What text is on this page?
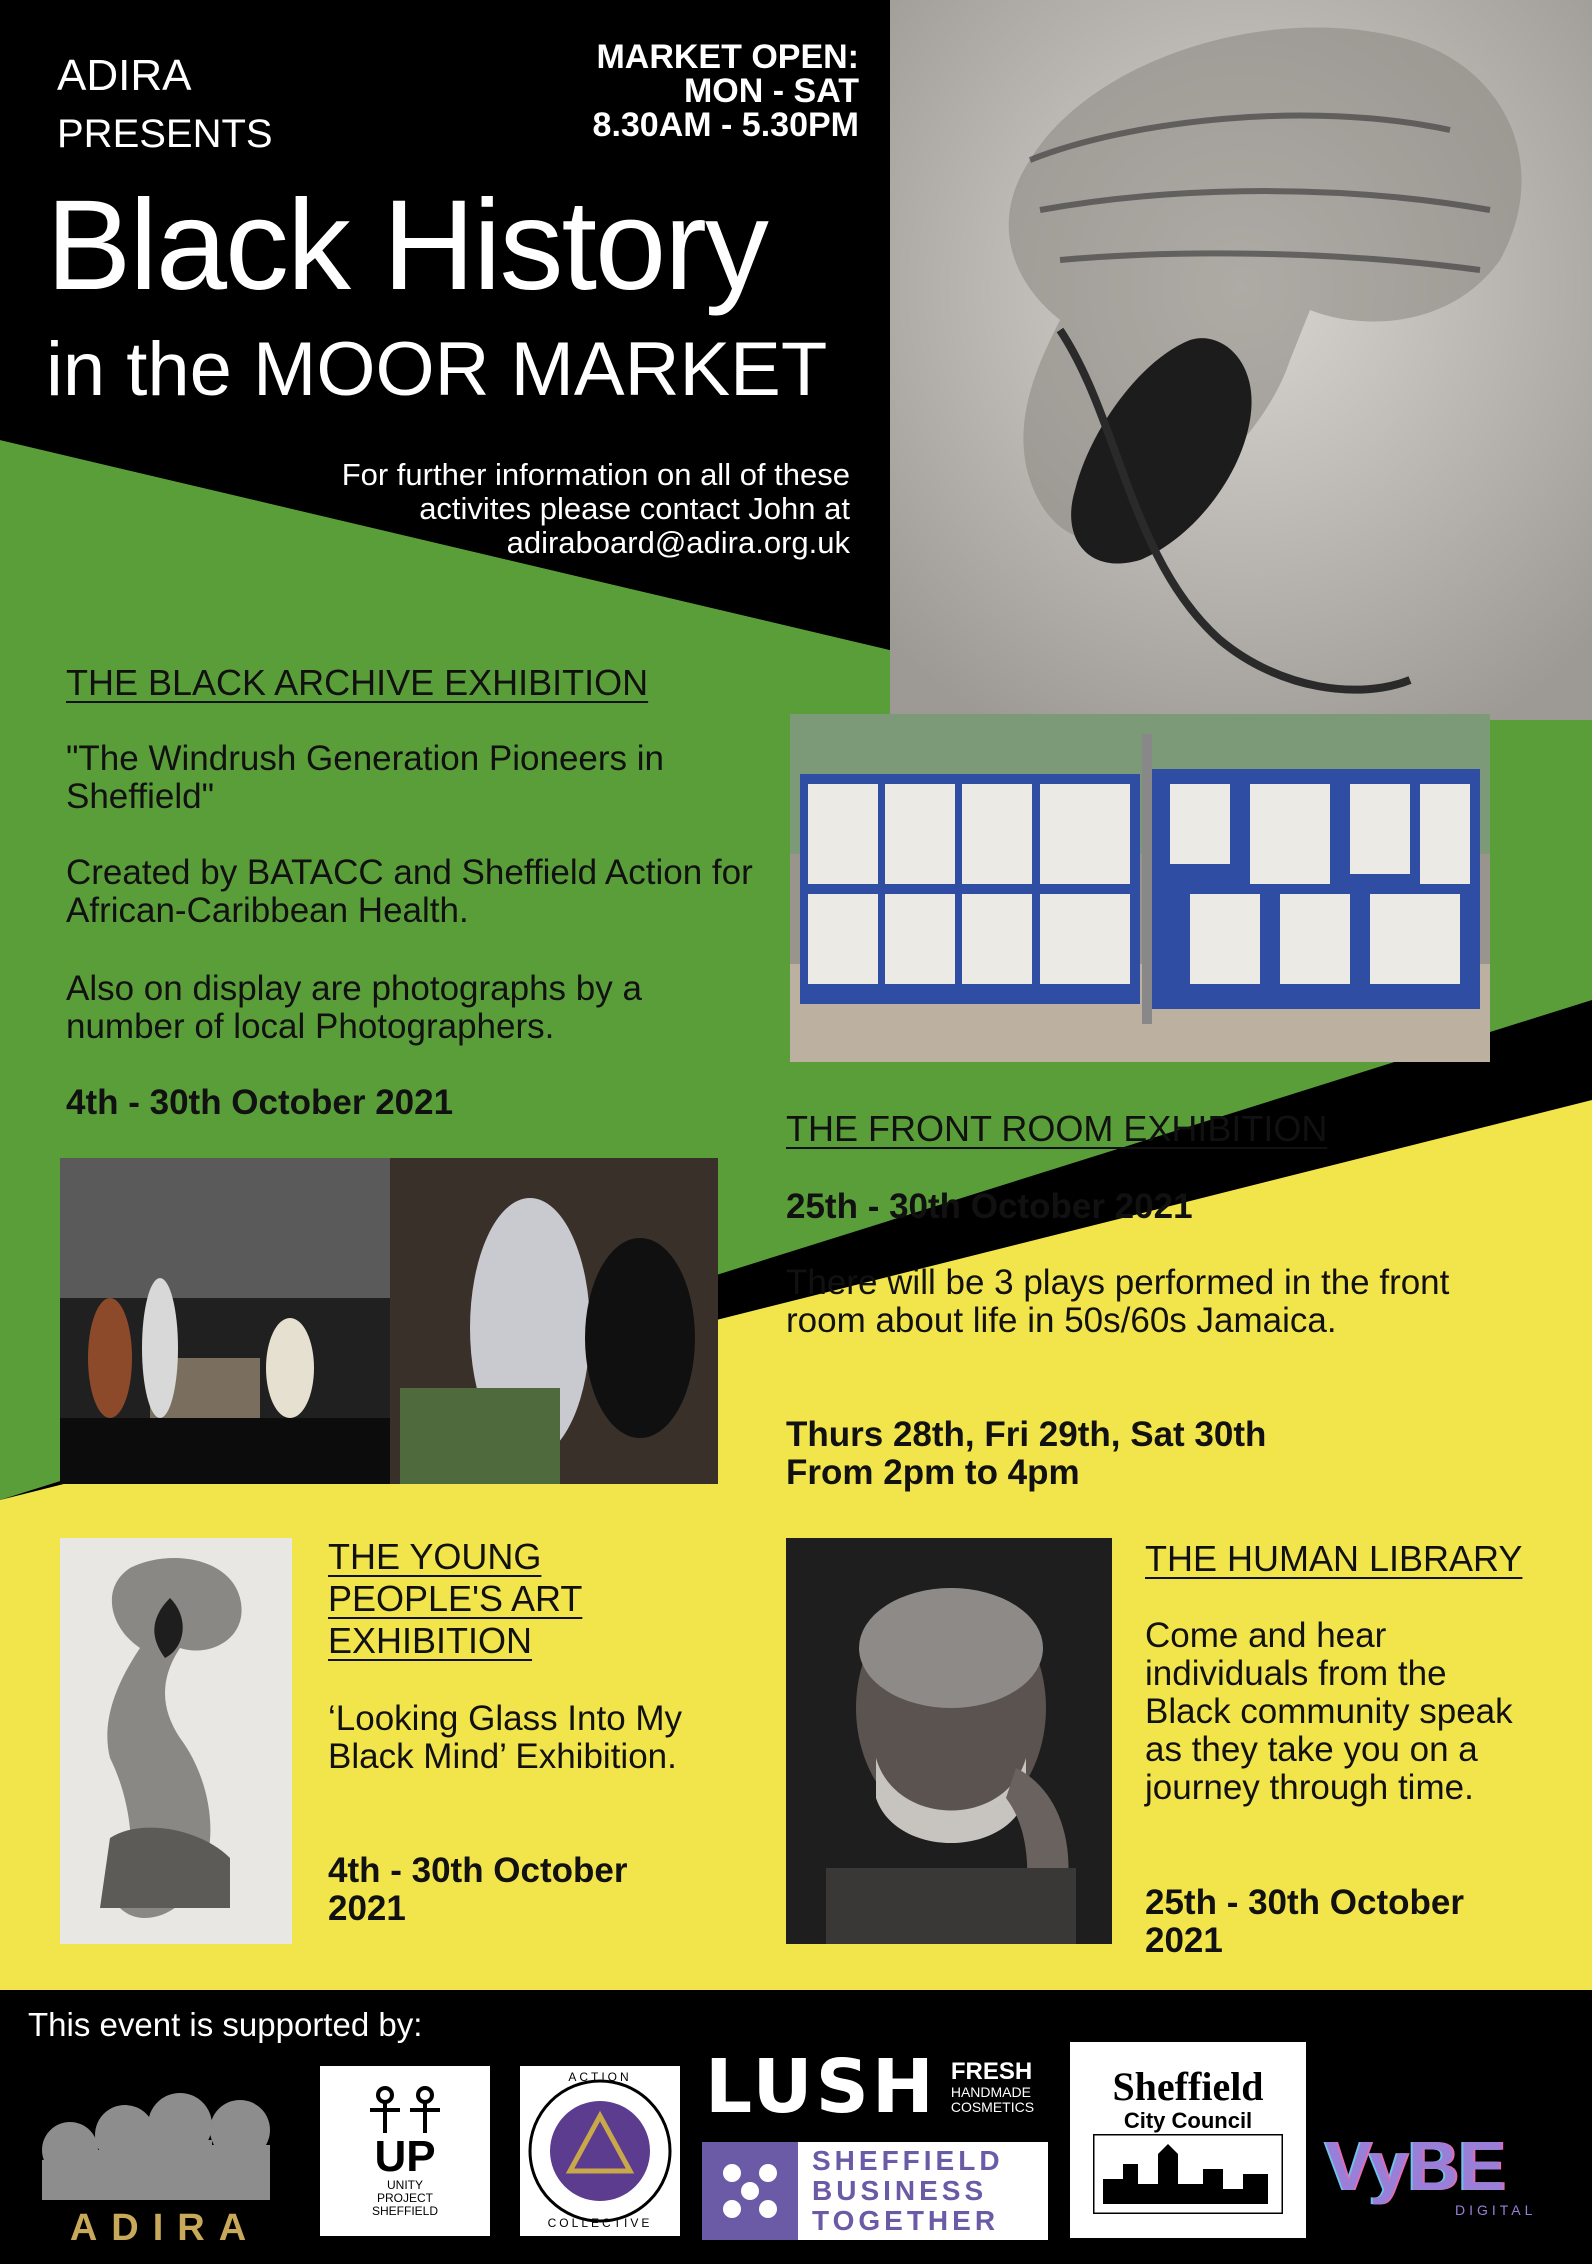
ADIRA
PRESENTS
Black History
in the MOOR MARKET
MARKET OPEN:
MON - SAT
8.30AM - 5.30PM
For further information on all of these
activites please contact John at
adiraboard@adira.org.uk
THE BLACK ARCHIVE EXHIBITION
"The Windrush Generation Pioneers in Sheffield"
Created by BATACC and Sheffield Action for African-Caribbean Health.
Also on display are photographs by a number of local Photographers.
4th - 30th October 2021
THE FRONT ROOM EXHIBITION
25th - 30th October 2021
There will be 3 plays performed in the front room about life in 50s/60s Jamaica.
Thurs 28th, Fri 29th, Sat 30th
From 2pm to 4pm
THE YOUNG
PEOPLE'S ART
EXHIBITION
‘Looking Glass Into My Black Mind’ Exhibition.
4th - 30th October
2021
THE HUMAN LIBRARY
Come and hear individuals from the Black community speak as they take you on a journey through time.
25th - 30th October
2021
This event is supported by:
ADIRA
UP
UNITY
PROJECT
SHEFFIELD
ACTION
COLLECTIVE
LUSH FRESH
HANDMADE
COSMETICS
SHEFFIELD
BUSINESS
TOGETHER
Sheffield
City Council
VyBE
DIGITAL
